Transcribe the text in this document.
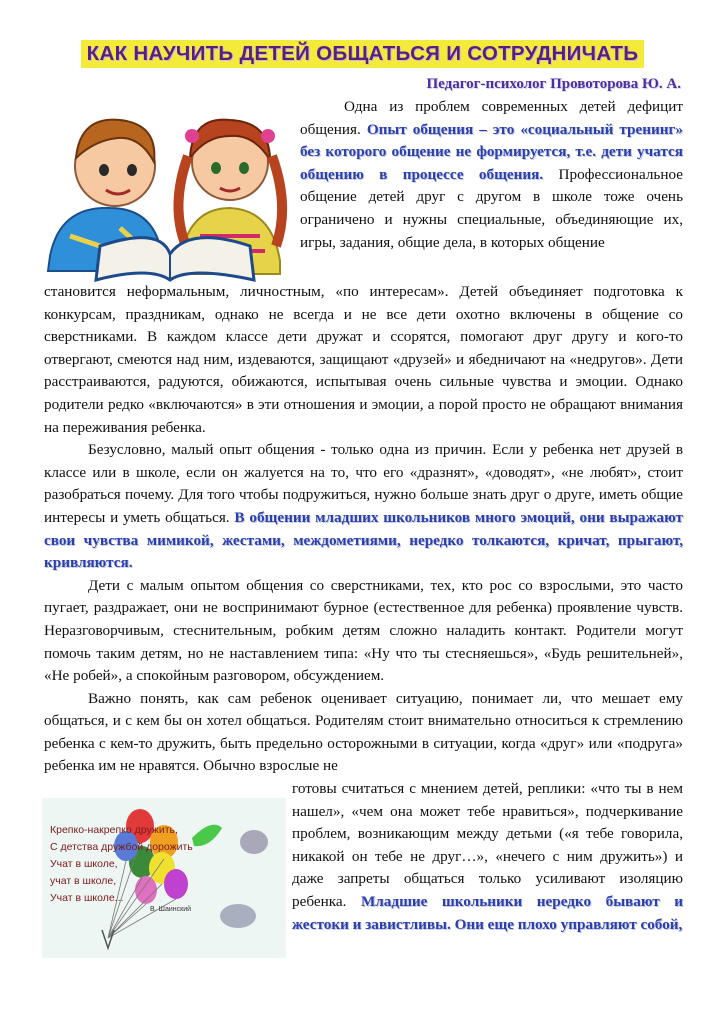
КАК НАУЧИТЬ ДЕТЕЙ ОБЩАТЬСЯ И СОТРУДНИЧАТЬ
Педагог-психолог Провоторова Ю. А.

Одна из проблем современных детей дефицит общения. Опыт общения – это «социальный тренинг» без которого общение не формируется, т.е. дети учатся общению в процессе общения. Профессиональное общение детей друг с другом в школе тоже очень ограничено и нужны специальные, объединяющие их, игры, задания, общие дела, в которых общение

становится неформальным, личностным, «по интересам». Детей объединяет подготовка к конкурсам, праздникам, однако не всегда и не все дети охотно включены в общение со сверстниками. В каждом классе дети дружат и ссорятся, помогают друг другу и кого-то отвергают, смеются над ним, издеваются, защищают «друзей» и ябедничают на «недругов». Дети расстраиваются, радуются, обижаются, испытывая очень сильные чувства и эмоции. Однако родители редко «включаются» в эти отношения и эмоции, а порой просто не обращают внимания на переживания ребенка.

Безусловно, малый опыт общения - только одна из причин. Если у ребенка нет друзей в классе или в школе, если он жалуется на то, что его «дразнят», «доводят», «не любят», стоит разобраться почему. Для того чтобы подружиться, нужно больше знать друг о друге, иметь общие интересы и уметь общаться. В общении младших школьников много эмоций, они выражают свои чувства мимикой, жестами, междометиями, нередко толкаются, кричат, прыгают, кривляются.

Дети с малым опытом общения со сверстниками, тех, кто рос со взрослыми, это часто пугает, раздражает, они не воспринимают бурное (естественное для ребенка) проявление чувств. Неразговорчивым, стеснительным, робким детям сложно наладить контакт. Родители могут помочь таким детям, но не наставлением типа: «Ну что ты стесняешься», «Будь решительней», «Не робей», а спокойным разговором, обсуждением.

Важно понять, как сам ребенок оценивает ситуацию, понимает ли, что мешает ему общаться, и с кем бы он хотел общаться. Родителям стоит внимательно относиться к стремлению ребенка с кем-то дружить, быть предельно осторожными в ситуации, когда «друг» или «подруга» ребенка им не нравятся. Обычно взрослые не

Крепко-накрепко дружить,
С детства дружбой дорожить
Учат в школе,
учат в школе,
Учат в школе...
В. Шаинский

готовы считаться с мнением детей, реплики: «что ты в нем нашел», «чем она может тебе нравиться», подчеркивание проблем, возникающим между детьми («я тебе говорила, никакой он тебе не друг…», «нечего с ним дружить») и даже запреты общаться только усиливают изоляцию ребенка. Младшие школьники нередко бывают и жестоки и завистливы. Они еще плохо управляют собой,
